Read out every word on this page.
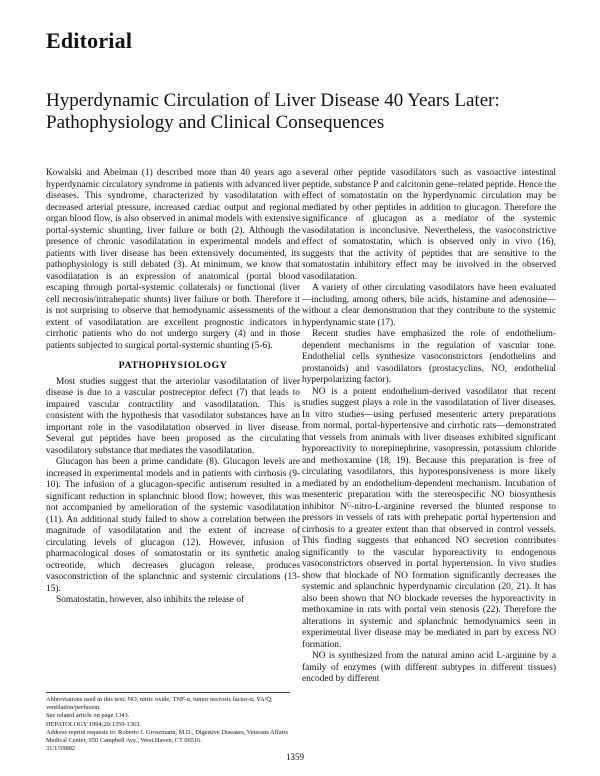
Editorial
Hyperdynamic Circulation of Liver Disease 40 Years Later:
Pathophysiology and Clinical Consequences

Kowalski and Abelman (1) described more than 40 years ago a hyperdynamic circulatory syndrome in patients with advanced liver diseases. This syndrome, characterized by vasodilatation with decreased arterial pressure, increased cardiac output and regional organ blood flow, is also observed in animal models with extensive portal-systemic shunting, liver failure or both (2). Although the presence of chronic vasodilatation in experimental models and patients with liver disease has been extensively documented, its pathophysiology is still debated (3). At minimum, we know that vasodilatation is an expression of anatomical (portal blood escaping through portal-systemic collaterals) or functional (liver cell necrosis/intrahepatic shunts) liver failure or both. Therefore it is not surprising to observe that hemodynamic assessments of the extent of vasodilatation are excellent prognostic indicators in cirrhotic patients who do not undergo surgery (4) and in those patients subjected to surgical portal-systemic shunting (5-6).

PATHOPHYSIOLOGY

Most studies suggest that the arteriolar vasodilatation of liver disease is due to a vascular postreceptor defect (7) that leads to impaired vascular contractility and vasodilatation. This is consistent with the hypothesis that vasodilator substances have an important role in the vasodilatation observed in liver disease. Several gut peptides have been proposed as the circulating vasodilatory substance that mediates the vasodilatation.

Glucagon has been a prime candidate (8). Glucagon levels are increased in experimental models and in patients with cirrhosis (9-10). The infusion of a glucagon-specific antiserum resulted in a significant reduction in splanchnic blood flow; however, this was not accompanied by amelioration of the systemic vasodilatation (11). An additional study failed to show a correlation between the magnitude of vasodilatation and the extent of increase of circulating levels of glucagon (12). However, infusion of pharmacological doses of somatostatin or its synthetic analog octreotide, which decreases glucagon release, produces vasoconstriction of the splanchnic and systemic circulations (13-15).

Somatostatin, however, also inhibits the release of

several other peptide vasodilators such as vasoactive intestinal peptide, substance P and calcitonin gene–related peptide. Hence the effect of somatostatin on the hyperdynamic circulation may be mediated by other peptides in addition to glucagon. Therefore the significance of glucagon as a mediator of the systemic vasodilatation is inconclusive. Nevertheless, the vasoconstrictive effect of somatostatin, which is observed only in vivo (16), suggests that the activity of peptides that are sensitive to the somatostatin inhibitory effect may be involved in the observed vasodilatation.

A variety of other circulating vasodilators have been evaluated—including, among others, bile acids, histamine and adenosine—without a clear demonstration that they contribute to the systemic hyperdynamic state (17).

Recent studies have emphasized the role of endothelium-dependent mechanisms in the regulation of vascular tone. Endothelial cells synthesize vasoconstrictors (endothelins and prostanoids) and vasodilators (prostacyclins, NO, endothelial hyperpolarizing factor).

NO is a potent endothelium-derived vasodilator that recent studies suggest plays a role in the vasodilatation of liver diseases. In vitro studies—using perfused mesenteric artery preparations from normal, portal-hypertensive and cirrhotic rats—demonstrated that vessels from animals with liver diseases exhibited significant hyporeactivity to norepinephrine, vasopressin, potassium chloride and methoxamine (18, 19). Because this preparation is free of circulating vasodilators, this hyporesponsiveness is more likely mediated by an endothelium-dependent mechanism. Incubation of mesenteric preparation with the stereospecific NO biosynthesis inhibitor Nᴳ-nitro-L-arginine reversed the blunted response to pressors in vessels of rats with prehepatic portal hypertension and cirrhosis to a greater extent than that observed in control vessels. This finding suggests that enhanced NO secretion contributes significantly to the vascular hyporeactivity to endogenous vasoconstrictors observed in portal hypertension. In vivo studies show that blockade of NO formation significantly decreases the systemic and splanchnic hyperdynamic circulation (20, 21). It has also been shown that NO blockade reverses the hyporeactivity in methoxamine in rats with portal vein stenosis (22). Therefore the alterations in systemic and splanchnic hemodynamics seen in experimental liver disease may be mediated in part by excess NO formation.

NO is synthesized from the natural amino acid L-arginine by a family of enzymes (with different subtypes in different tissues) encoded by different

Abbreviations used in this text: NO, nitric oxide; TNF-α, tumor necrosis factor-α; V̇A/Q̇, ventilation/perfusion.
See related article on page 1343.
HEPATOLOGY 1994;20:1359-1363.
Address reprint requests to: Roberto J. Groszmann, M.D., Digestive Diseases, Veterans Affairs Medical Center, 950 Campbell Ave., West Haven, CT 06516.
31/1/59882
1359
